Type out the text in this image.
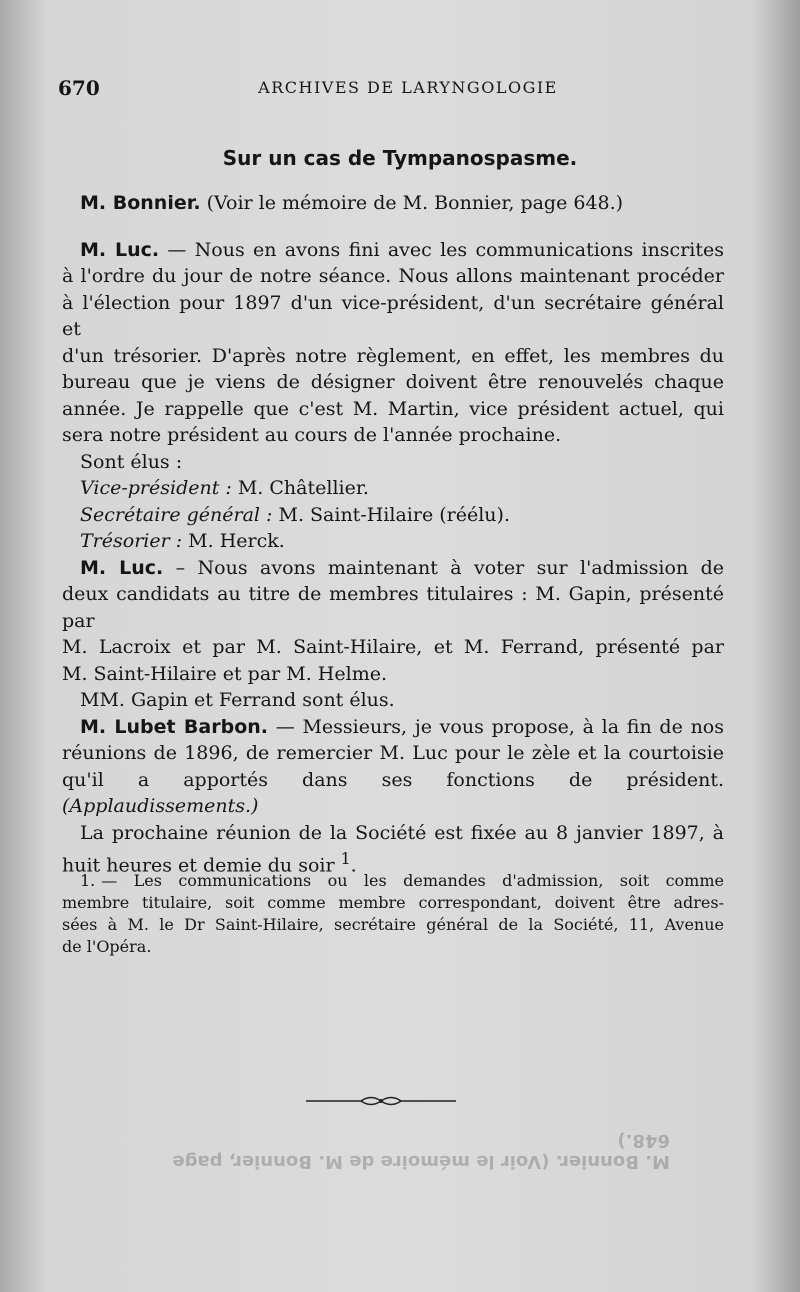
670	ARCHIVES DE LARYNGOLOGIE
Sur un cas de Tympanospasme.

M. Bonnier. (Voir le mémoire de M. Bonnier, page 648.)

M. Luc. — Nous en avons fini avec les communications inscrites

à l'ordre du jour de notre séance. Nous allons maintenant procéder

à l'élection pour 1897 d'un vice-président, d'un secrétaire général et

d'un trésorier. D'après notre règlement, en effet, les membres du

bureau que je viens de désigner doivent être renouvelés chaque

année. Je rappelle que c'est M. Martin, vice président actuel, qui

sera notre président au cours de l'année prochaine.

Sont élus :

Vice-président : M. Châtellier.

Secrétaire général : M. Saint-Hilaire (réélu).

Trésorier : M. Herck.

M. Luc. – Nous avons maintenant à voter sur l'admission de

deux candidats au titre de membres titulaires : M. Gapin, présenté par

M. Lacroix et par M. Saint-Hilaire, et M. Ferrand, présenté par

M. Saint-Hilaire et par M. Helme.

MM. Gapin et Ferrand sont élus.

M. Lubet Barbon. — Messieurs, je vous propose, à la fin de nos

réunions de 1896, de remercier M. Luc pour le zèle et la courtoisie

qu'il a apportés dans ses fonctions de président. (Applaudissements.)

La prochaine réunion de la Société est fixée au 8 janvier 1897, à

huit heures et demie du soir $^1$.

1. — Les communications ou les demandes d'admission, soit comme

membre titulaire, soit comme membre correspondant, doivent être adres-

sées à M. le Dr Saint-Hilaire, secrétaire général de la Société, 11, Avenue

de l'Opéra.

M. Bonnier. (Voir le mémoire de M. Bonnier, page 648.)
